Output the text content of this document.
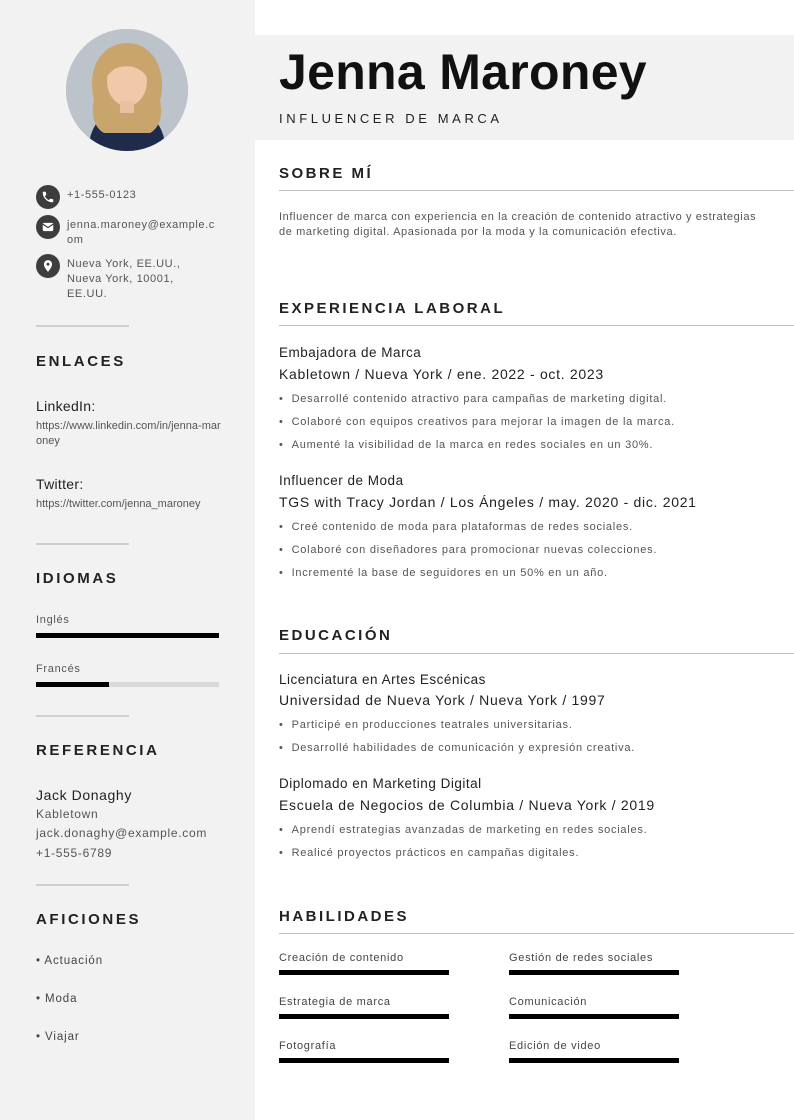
+1-555-0123
jenna.maroney@example.com
Nueva York, EE.UU., Nueva York, 10001, EE.UU.
ENLACES
LinkedIn:
https://www.linkedin.com/in/jenna-maroney
Twitter:
https://twitter.com/jenna_maroney
IDIOMAS
Inglés
Francés
REFERENCIA
Jack Donaghy
Kabletown
jack.donaghy@example.com
+1-555-6789
AFICIONES
• Actuación
• Moda
• Viajar
Jenna Maroney
INFLUENCER DE MARCA
SOBRE MÍ
Influencer de marca con experiencia en la creación de contenido atractivo y estrategias de marketing digital. Apasionada por la moda y la comunicación efectiva.
EXPERIENCIA LABORAL
Embajadora de Marca
Kabletown / Nueva York / ene. 2022 - oct. 2023
• Desarrollé contenido atractivo para campañas de marketing digital.
• Colaboré con equipos creativos para mejorar la imagen de la marca.
• Aumenté la visibilidad de la marca en redes sociales en un 30%.
Influencer de Moda
TGS with Tracy Jordan / Los Ángeles / may. 2020 - dic. 2021
• Creé contenido de moda para plataformas de redes sociales.
• Colaboré con diseñadores para promocionar nuevas colecciones.
• Incrementé la base de seguidores en un 50% en un año.
EDUCACIÓN
Licenciatura en Artes Escénicas
Universidad de Nueva York / Nueva York / 1997
• Participé en producciones teatrales universitarias.
• Desarrollé habilidades de comunicación y expresión creativa.
Diplomado en Marketing Digital
Escuela de Negocios de Columbia / Nueva York / 2019
• Aprendí estrategias avanzadas de marketing en redes sociales.
• Realicé proyectos prácticos en campañas digitales.
HABILIDADES
Creación de contenido	Gestión de redes sociales
Estrategia de marca	Comunicación
Fotografía	Edición de video
